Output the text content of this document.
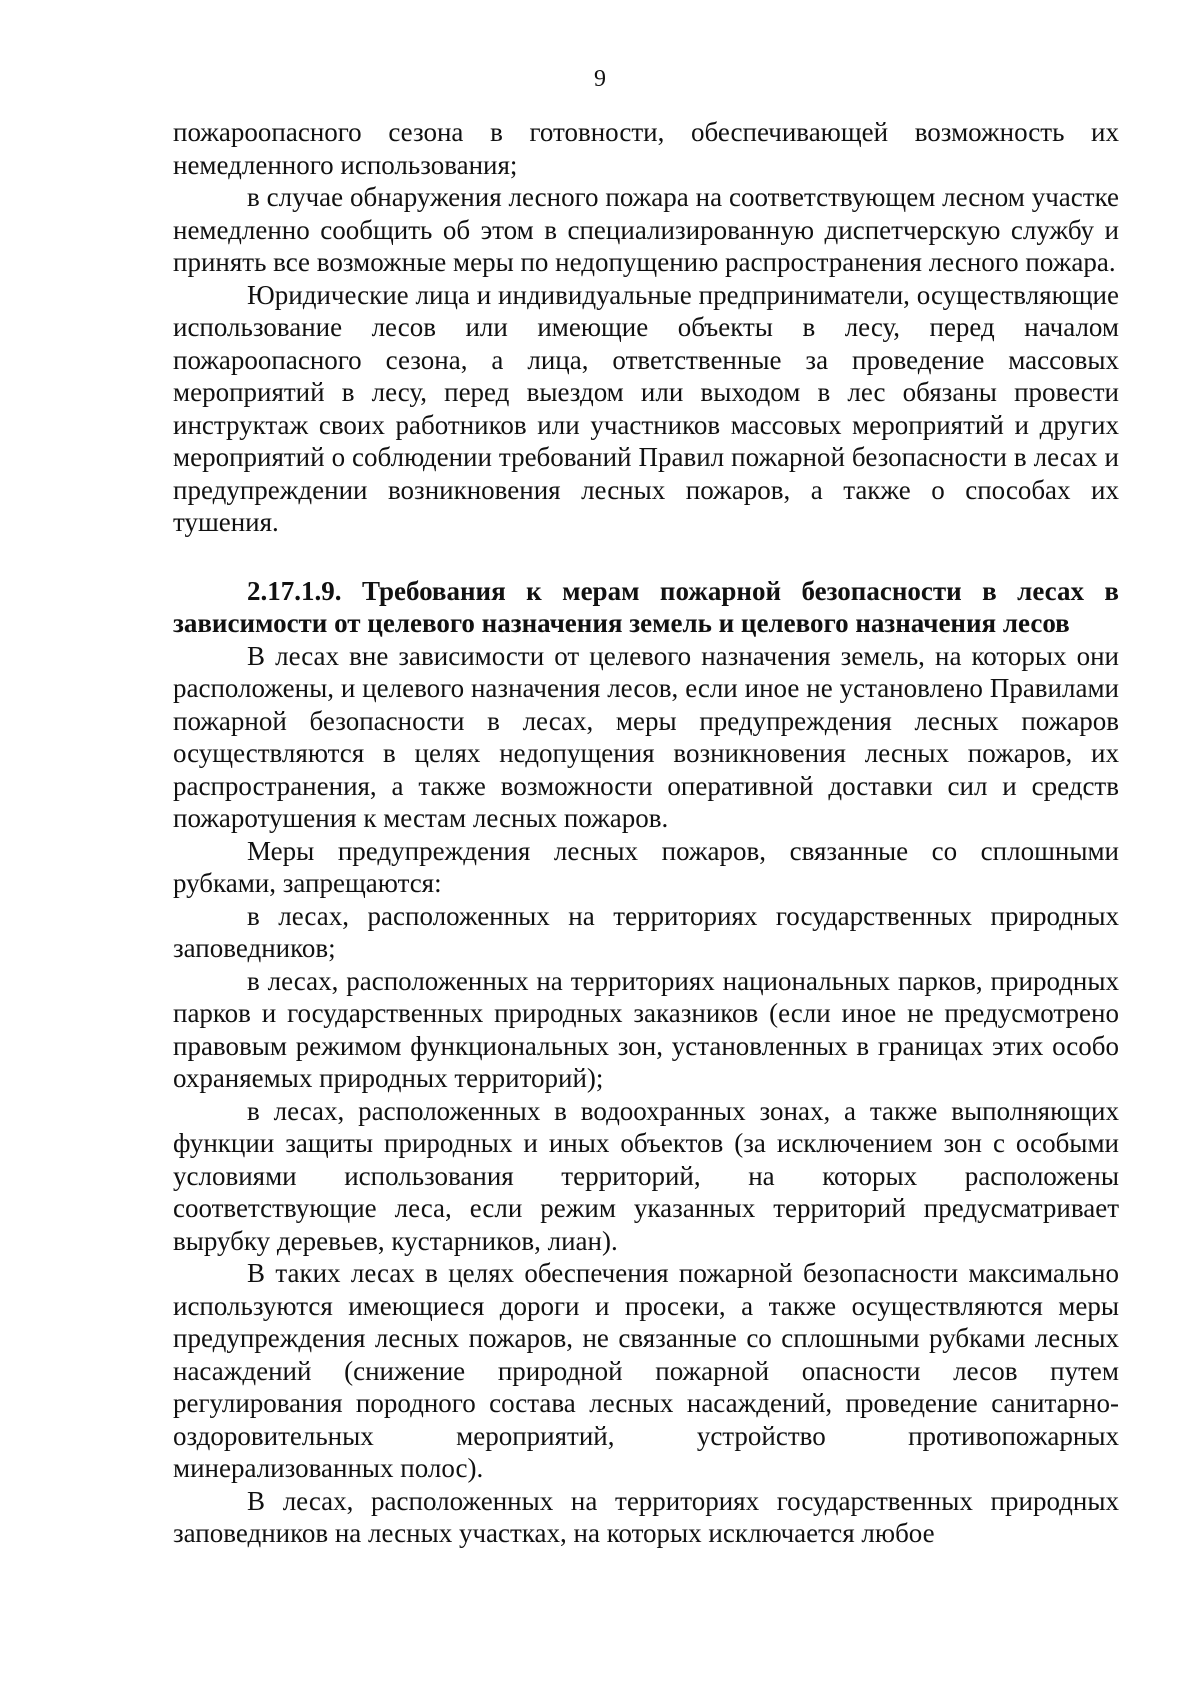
9

пожароопасного сезона в готовности, обеспечивающей возможность их немедленного использования;

в случае обнаружения лесного пожара на соответствующем лесном участке немедленно сообщить об этом в специализированную диспетчерскую службу и принять все возможные меры по недопущению распространения лесного пожара.

Юридические лица и индивидуальные предприниматели, осуществляющие использование лесов или имеющие объекты в лесу, перед началом пожароопасного сезона, а лица, ответственные за проведение массовых мероприятий в лесу, перед выездом или выходом в лес обязаны провести инструктаж своих работников или участников массовых мероприятий и других мероприятий о соблюдении требований Правил пожарной безопасности в лесах и предупреждении возникновения лесных пожаров, а также о способах их тушения.

2.17.1.9. Требования к мерам пожарной безопасности в лесах в зависимости от целевого назначения земель и целевого назначения лесов

В лесах вне зависимости от целевого назначения земель, на которых они расположены, и целевого назначения лесов, если иное не установлено Правилами пожарной безопасности в лесах, меры предупреждения лесных пожаров осуществляются в целях недопущения возникновения лесных пожаров, их распространения, а также возможности оперативной доставки сил и средств пожаротушения к местам лесных пожаров.

Меры предупреждения лесных пожаров, связанные со сплошными рубками, запрещаются:

в лесах, расположенных на территориях государственных природных заповедников;

в лесах, расположенных на территориях национальных парков, природных парков и государственных природных заказников (если иное не предусмотрено правовым режимом функциональных зон, установленных в границах этих особо охраняемых природных территорий);

в лесах, расположенных в водоохранных зонах, а также выполняющих функции защиты природных и иных объектов (за исключением зон с особыми условиями использования территорий, на которых расположены соответствующие леса, если режим указанных территорий предусматривает вырубку деревьев, кустарников, лиан).

В таких лесах в целях обеспечения пожарной безопасности максимально используются имеющиеся дороги и просеки, а также осуществляются меры предупреждения лесных пожаров, не связанные со сплошными рубками лесных насаждений (снижение природной пожарной опасности лесов путем регулирования породного состава лесных насаждений, проведение санитарно-оздоровительных мероприятий, устройство противопожарных минерализованных полос).

В лесах, расположенных на территориях государственных природных заповедников на лесных участках, на которых исключается любое
